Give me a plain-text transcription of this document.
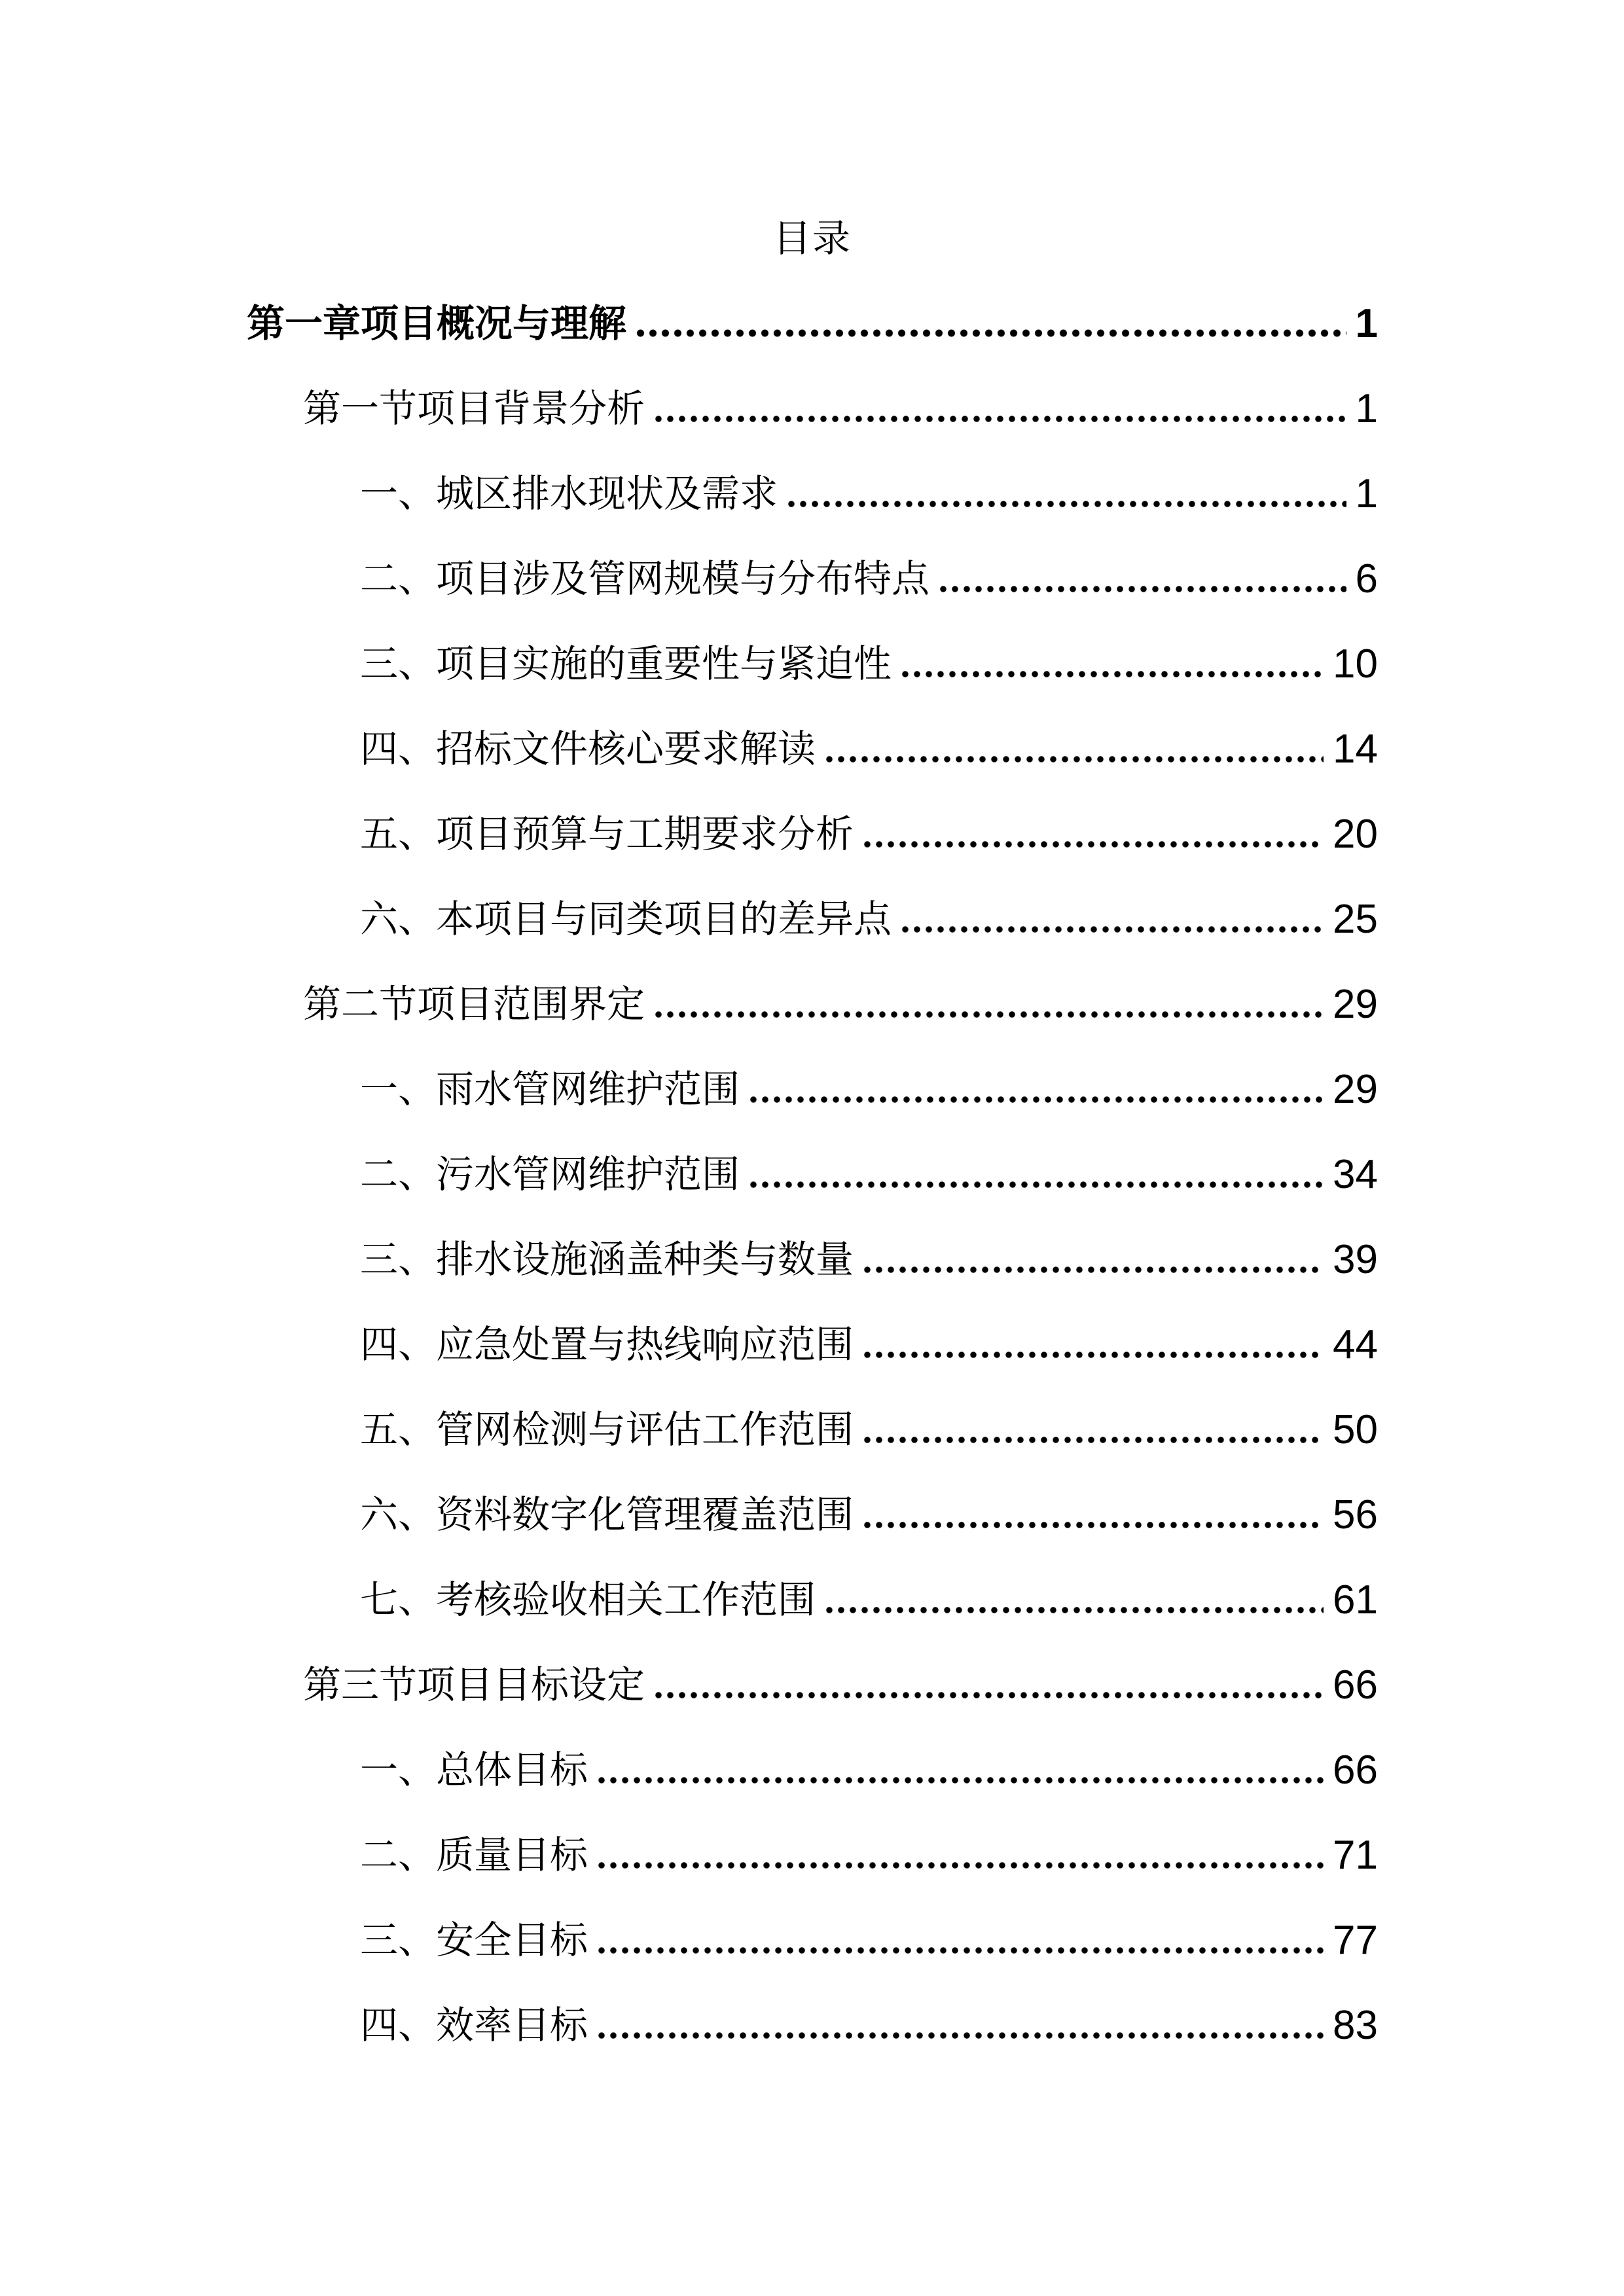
目录
第一章项目概况与理解	1
第一节项目背景分析	1
一、城区排水现状及需求	1
二、项目涉及管网规模与分布特点	6
三、项目实施的重要性与紧迫性	10
四、招标文件核心要求解读	14
五、项目预算与工期要求分析	20
六、本项目与同类项目的差异点	25
第二节项目范围界定	29
一、雨水管网维护范围	29
二、污水管网维护范围	34
三、排水设施涵盖种类与数量	39
四、应急处置与热线响应范围	44
五、管网检测与评估工作范围	50
六、资料数字化管理覆盖范围	56
七、考核验收相关工作范围	61
第三节项目目标设定	66
一、总体目标	66
二、质量目标	71
三、安全目标	77
四、效率目标	83
